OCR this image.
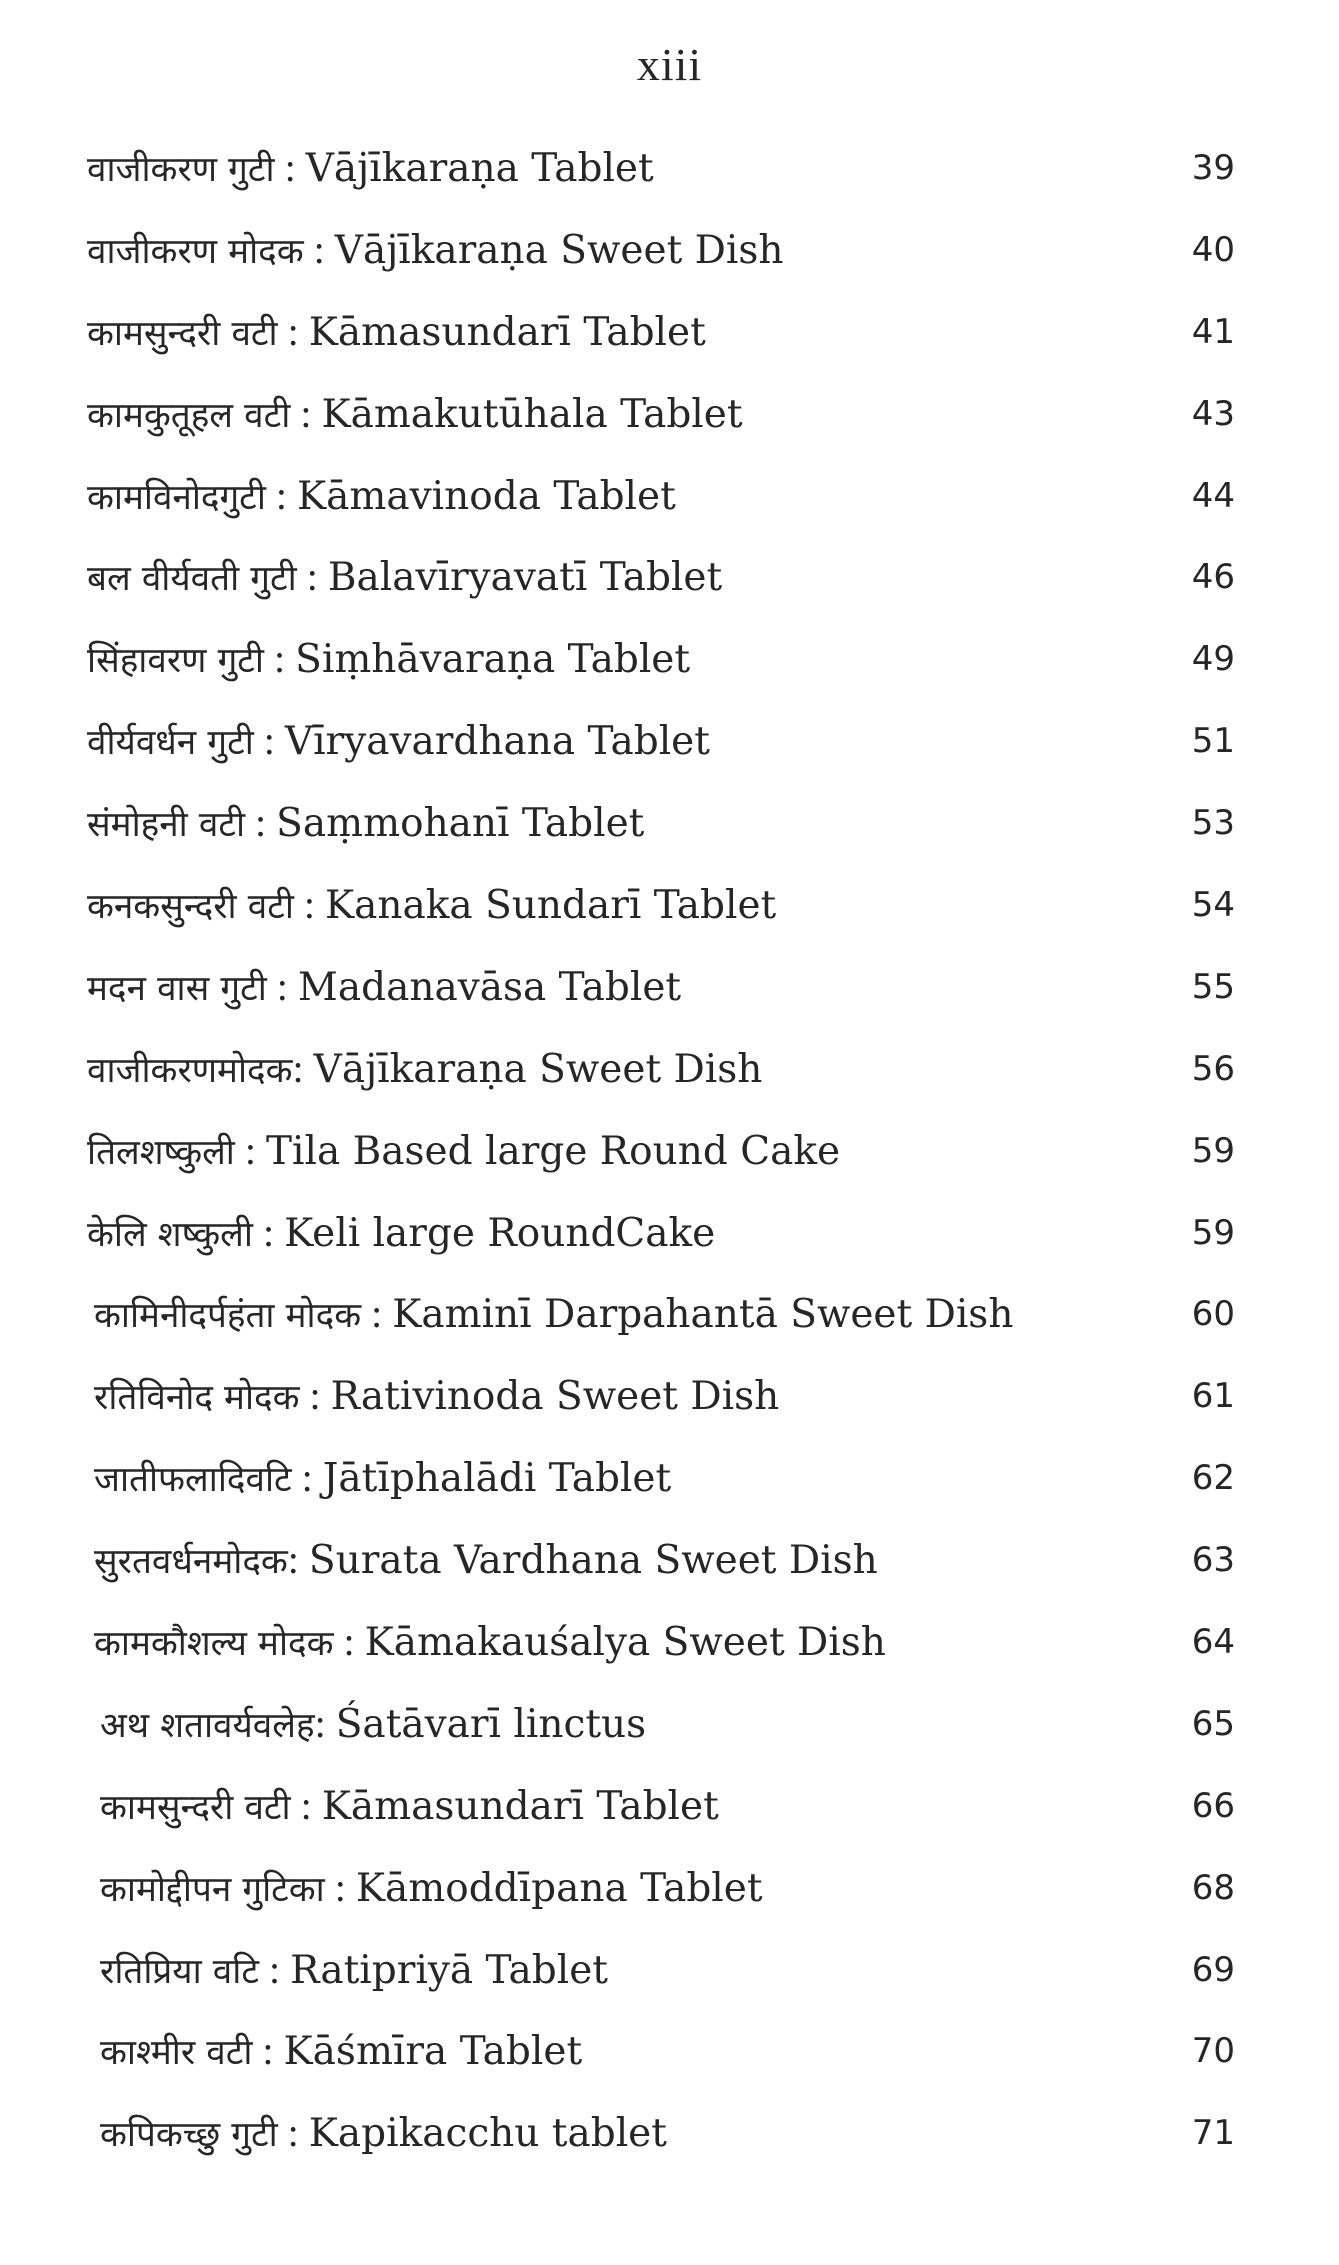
xiii
वाजीकरण गुटी : Vājīkaraṇa Tablet	39
वाजीकरण मोदक : Vājīkaraṇa Sweet Dish	40
कामसुन्दरी वटी : Kāmasundarī Tablet	41
कामकुतूहल वटी : Kāmakutūhala Tablet	43
कामविनोदगुटी : Kāmavinoda Tablet	44
बल वीर्यवती गुटी : Balavīryavatī Tablet	46
सिंहावरण गुटी : Siṃhāvaraṇa Tablet	49
वीर्यवर्धन गुटी : Vīryavardhana Tablet	51
संमोहनी वटी : Saṃmohanī Tablet	53
कनकसुन्दरी वटी : Kanaka Sundarī Tablet	54
मदन वास गुटी : Madanavāsa Tablet	55
वाजीकरणमोदक: Vājīkaraṇa Sweet Dish	56
तिलशष्कुली : Tila Based large Round Cake	59
केलि शष्कुली : Keli large RoundCake	59
कामिनीदर्पहंता मोदक : Kaminī Darpahantā Sweet Dish	60
रतिविनोद मोदक : Rativinoda Sweet Dish	61
जातीफलादिवटि : Jātīphalādi Tablet	62
सुरतवर्धनमोदक: Surata Vardhana Sweet Dish	63
कामकौशल्य मोदक : Kāmakauśalya Sweet Dish	64
अथ शतावर्यवलेह: Śatāvarī linctus	65
कामसुन्दरी वटी : Kāmasundarī Tablet	66
कामोद्दीपन गुटिका : Kāmoddīpana Tablet	68
रतिप्रिया वटि : Ratipriyā Tablet	69
काश्मीर वटी : Kāśmīra Tablet	70
कपिकच्छु गुटी : Kapikacchu tablet	71
